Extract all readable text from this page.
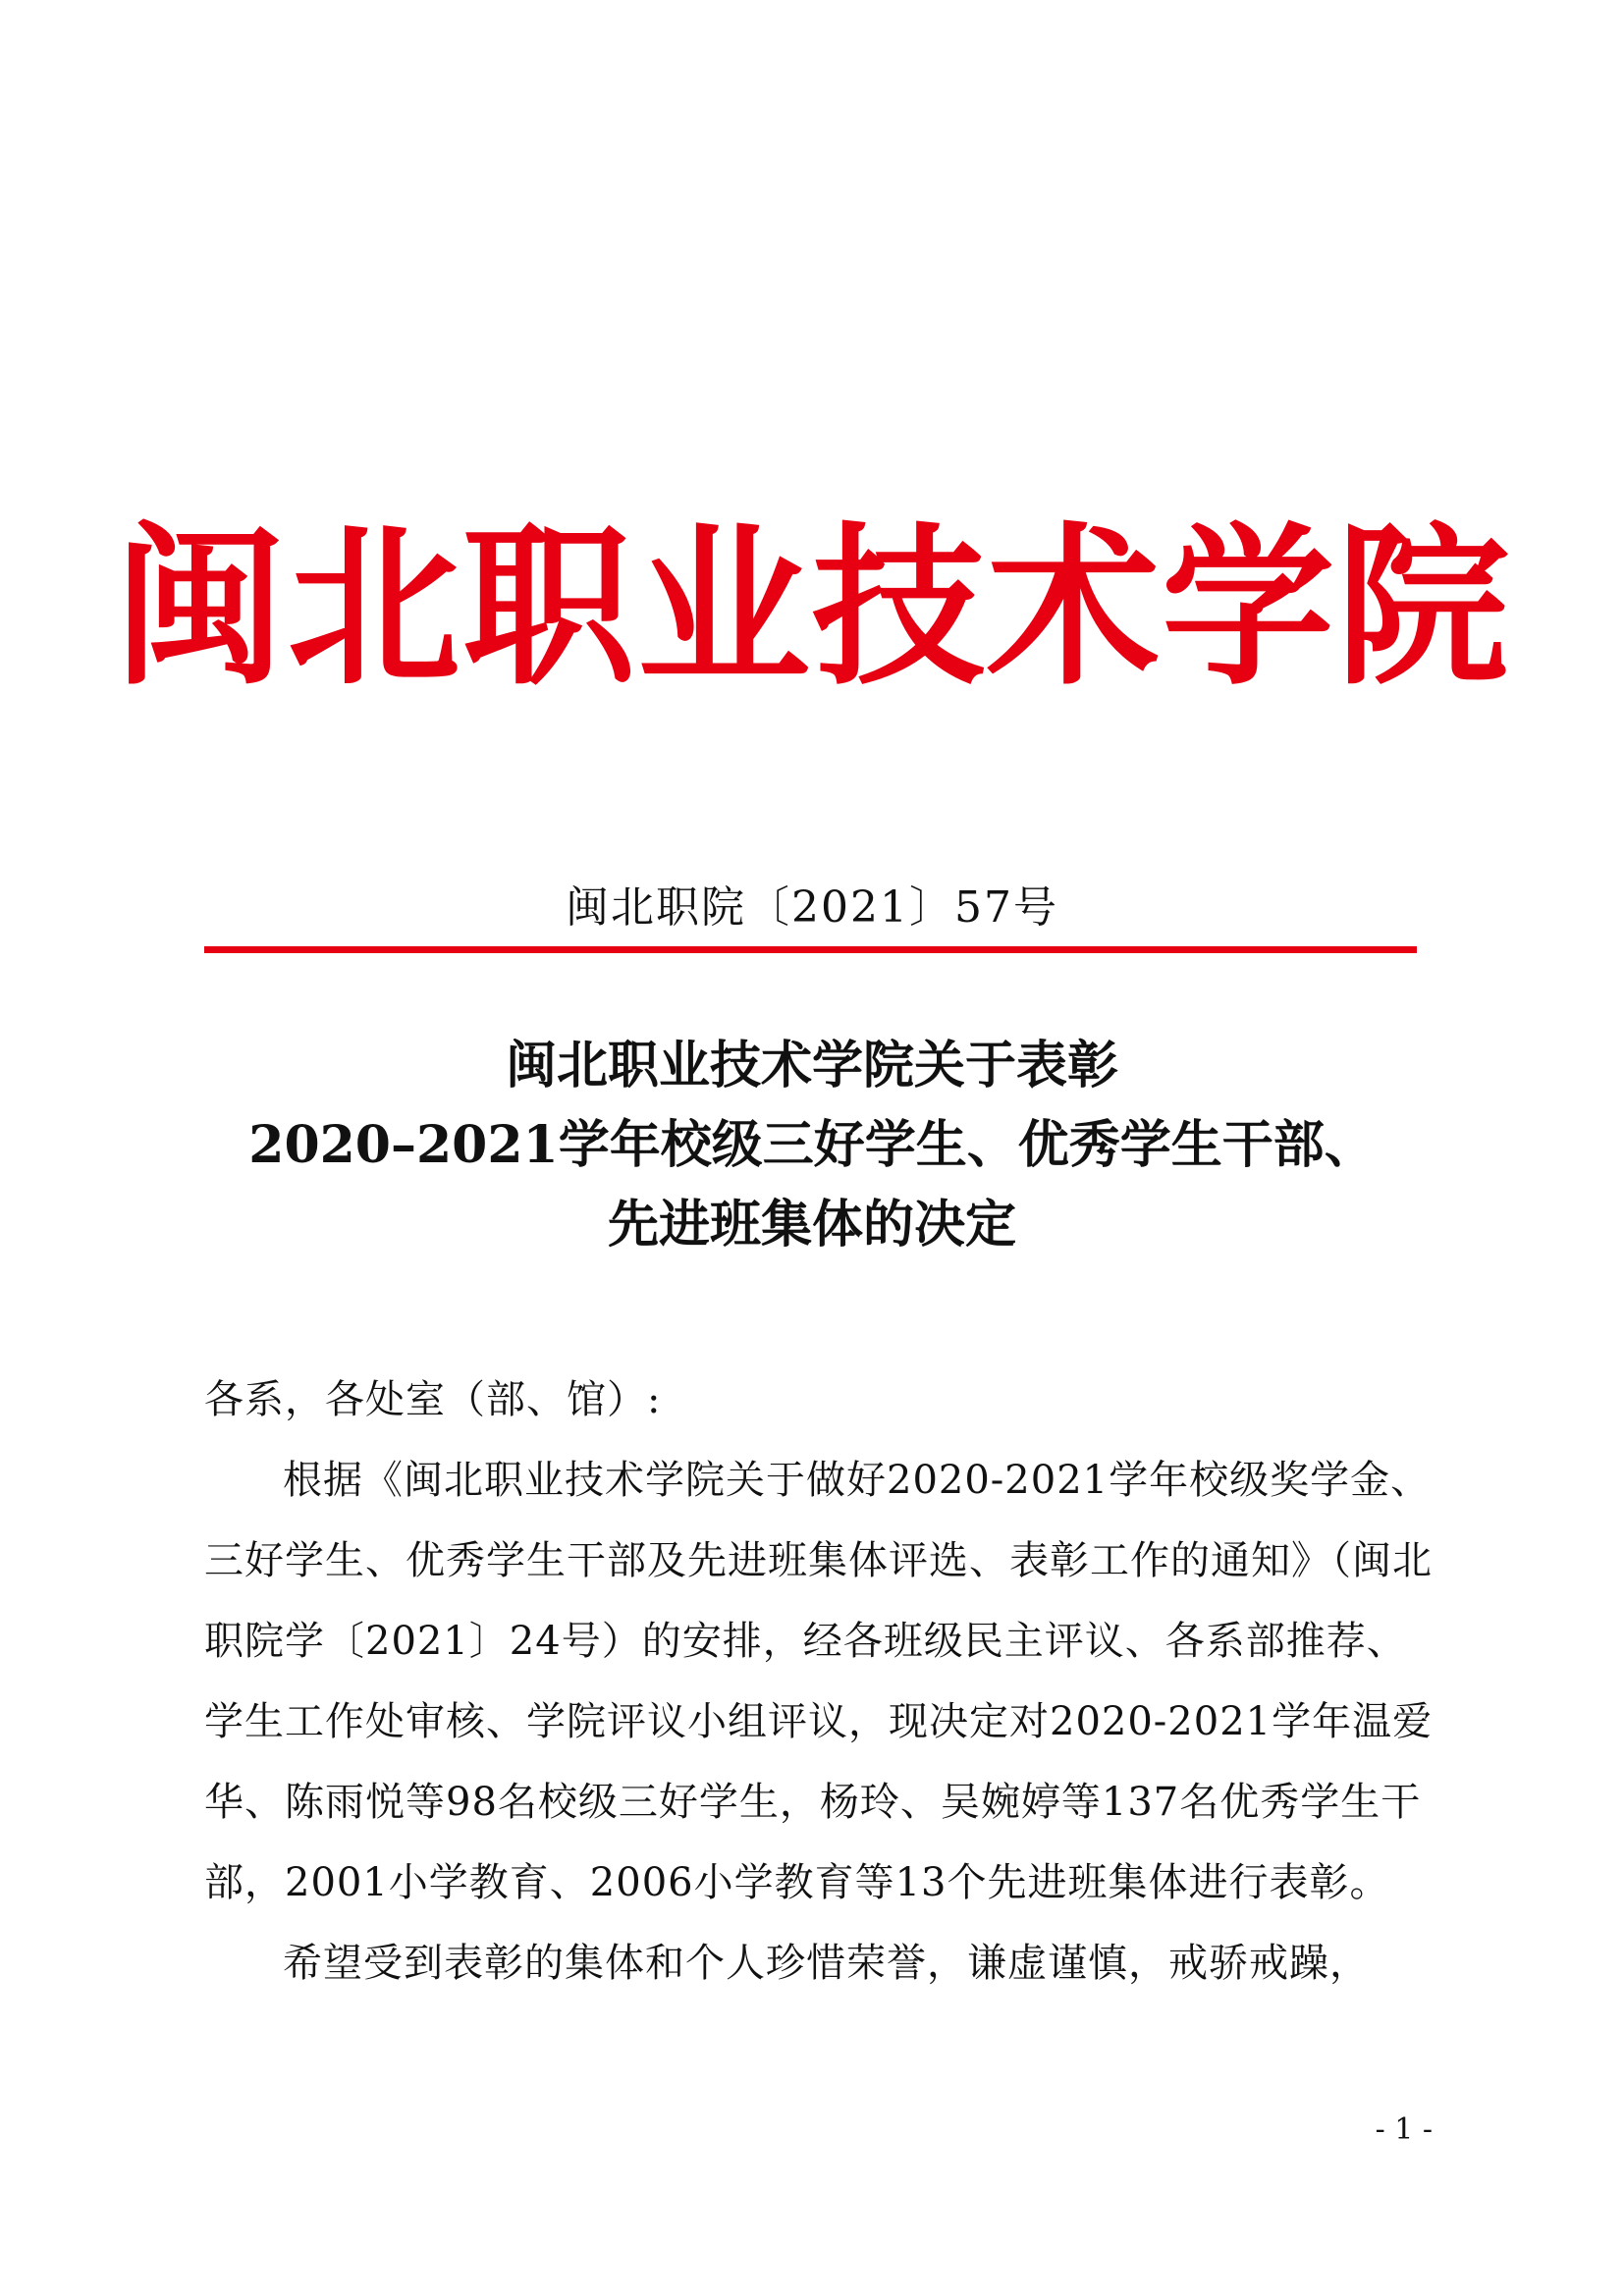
闽北职业技术学院
闽北职院〔2021〕57号
闽北职业技术学院关于表彰
2020–2021学年校级三好学生、优秀学生干部、
先进班集体的决定

各系，各处室（部、馆）:

根据《闽北职业技术学院关于做好2020-2021学年校级奖学金、三好学生、优秀学生干部及先进班集体评选、表彰工作的通知》（闽北职院学〔2021〕24号）的安排，经各班级民主评议、各系部推荐、学生工作处审核、学院评议小组评议，现决定对2020-2021学年温爱华、陈雨悦等98名校级三好学生，杨玲、吴婉婷等137名优秀学生干部，2001小学教育、2006小学教育等13个先进班集体进行表彰。

希望受到表彰的集体和个人珍惜荣誉，谦虚谨慎，戒骄戒躁，

- 1 -
